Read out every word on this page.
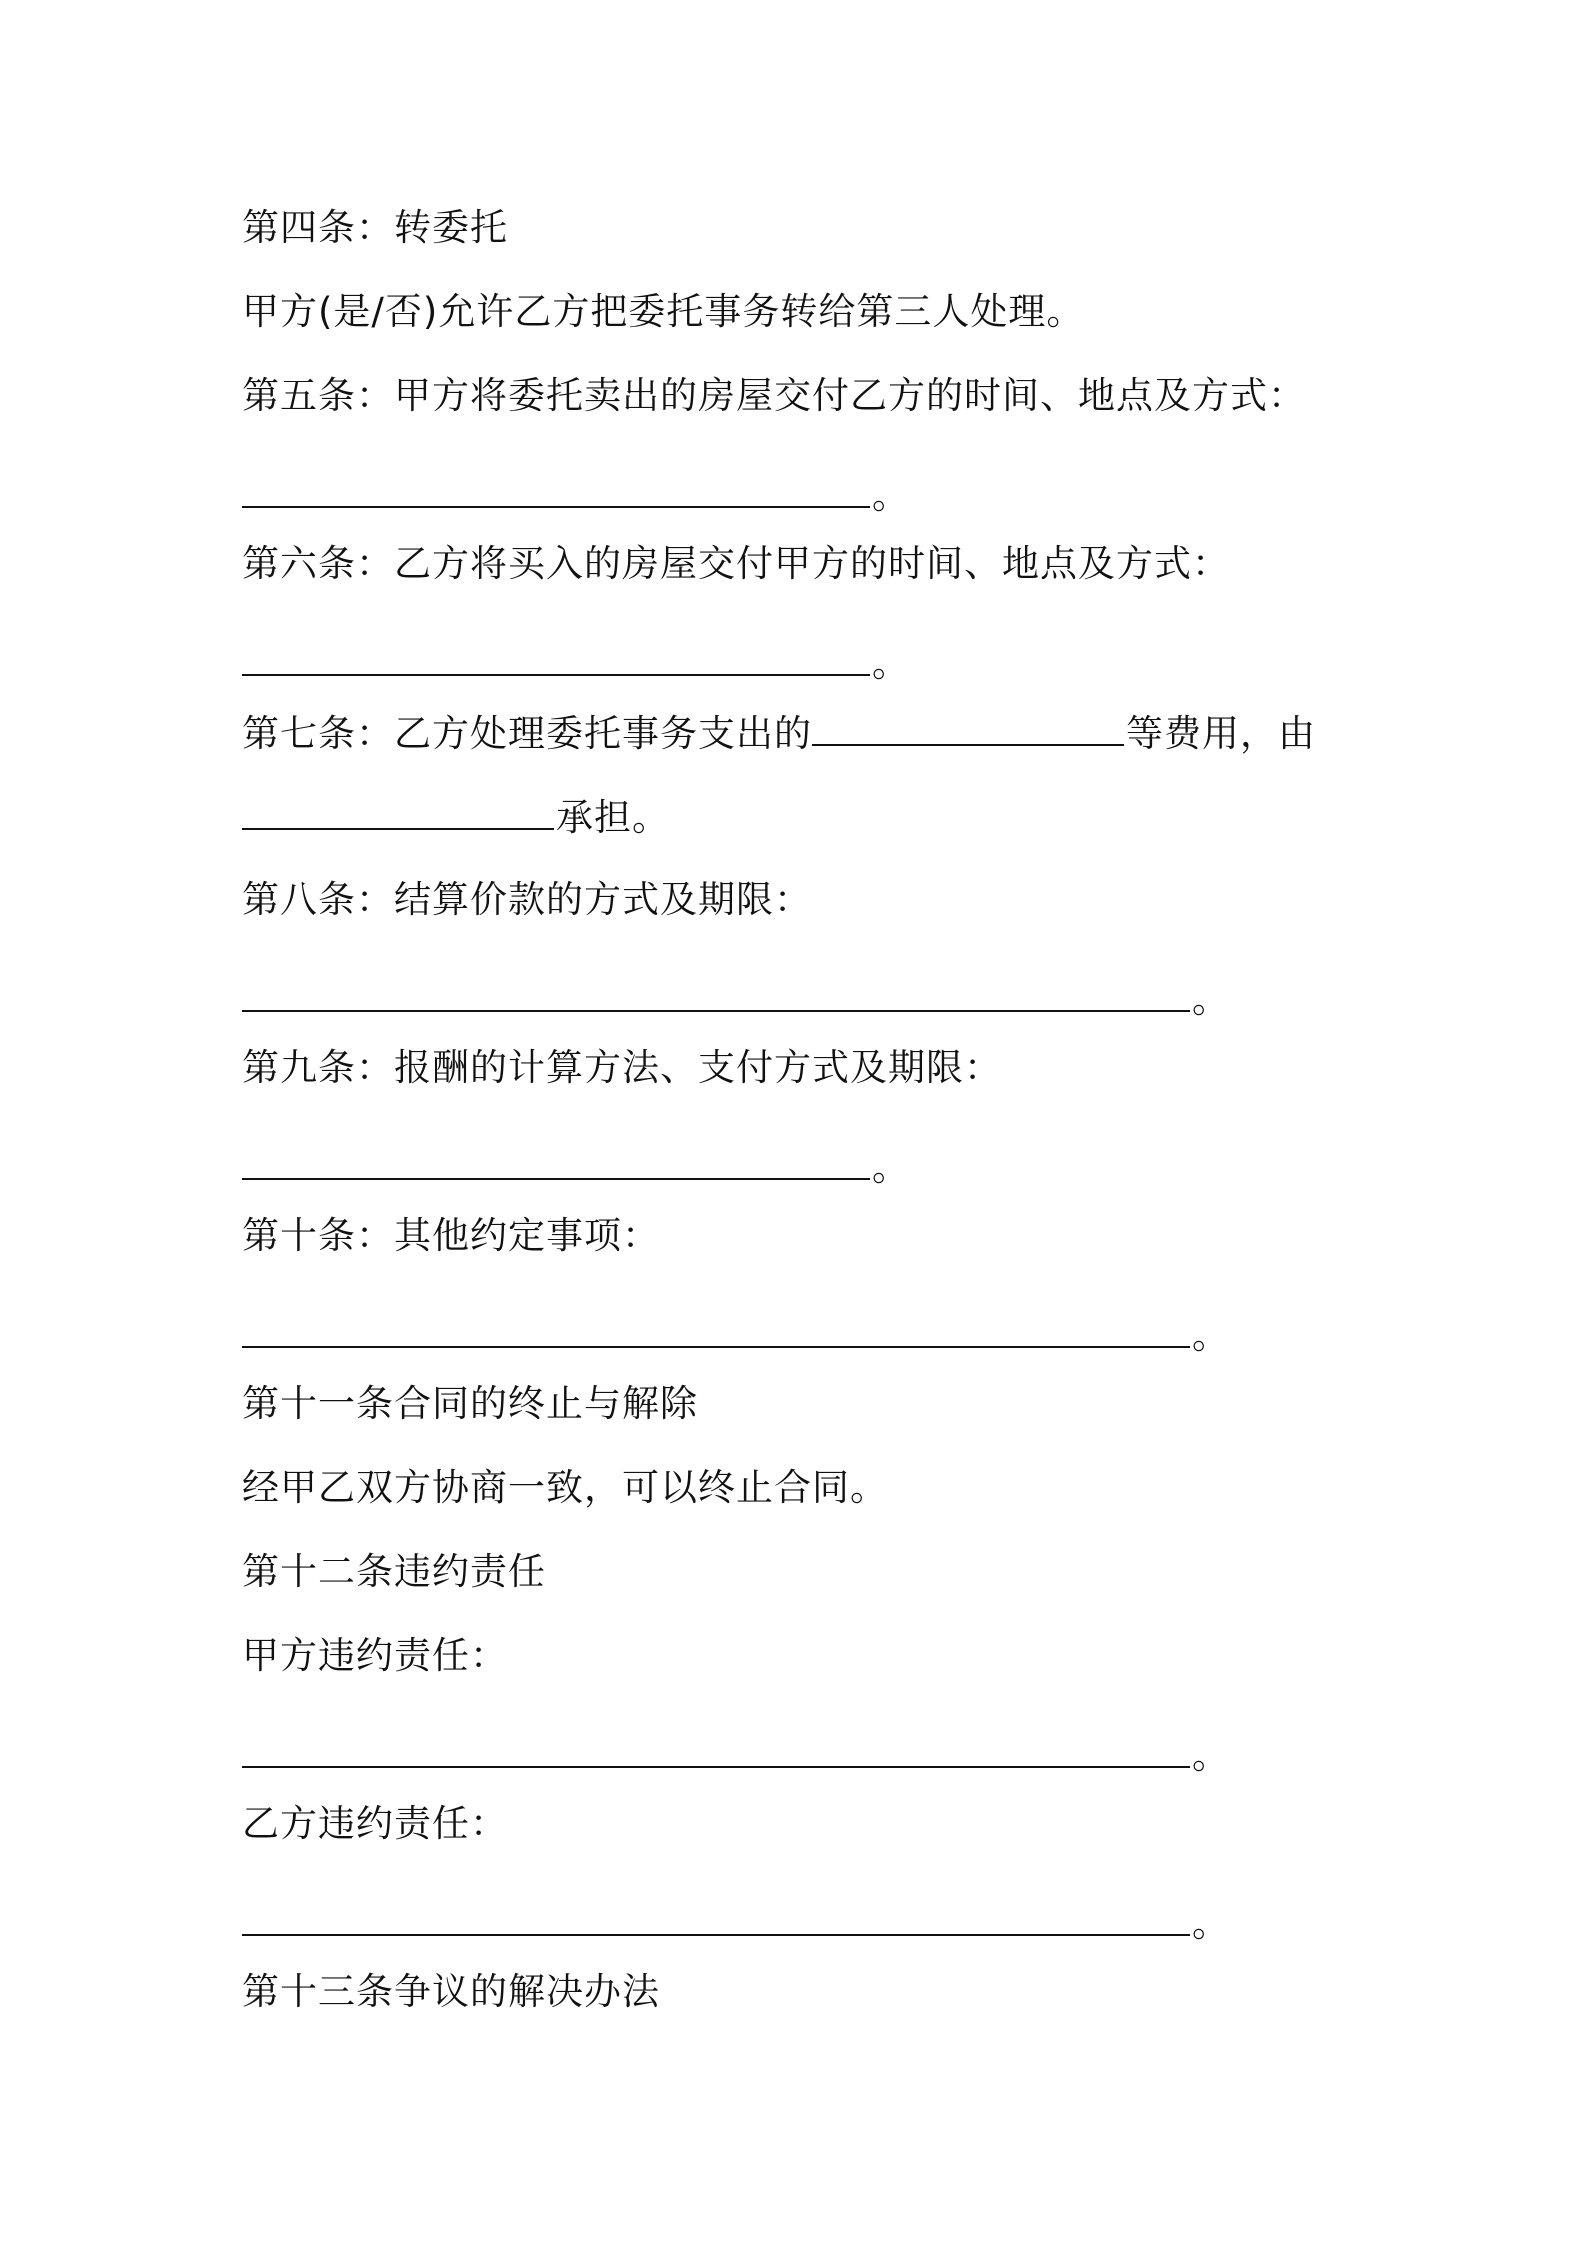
第四条：转委托
甲方(是/否)允许乙方把委托事务转给第三人处理。
第五条：甲方将委托卖出的房屋交付乙方的时间、地点及方式：
。
第六条：乙方将买入的房屋交付甲方的时间、地点及方式：
。
第七条：乙方处理委托事务支出的	等费用，由
承担。
第八条：结算价款的方式及期限：
。
第九条：报酬的计算方法、支付方式及期限：
。
第十条：其他约定事项：
。
第十一条合同的终止与解除
经甲乙双方协商一致，可以终止合同。
第十二条违约责任
甲方违约责任：
。
乙方违约责任：
。
第十三条争议的解决办法
